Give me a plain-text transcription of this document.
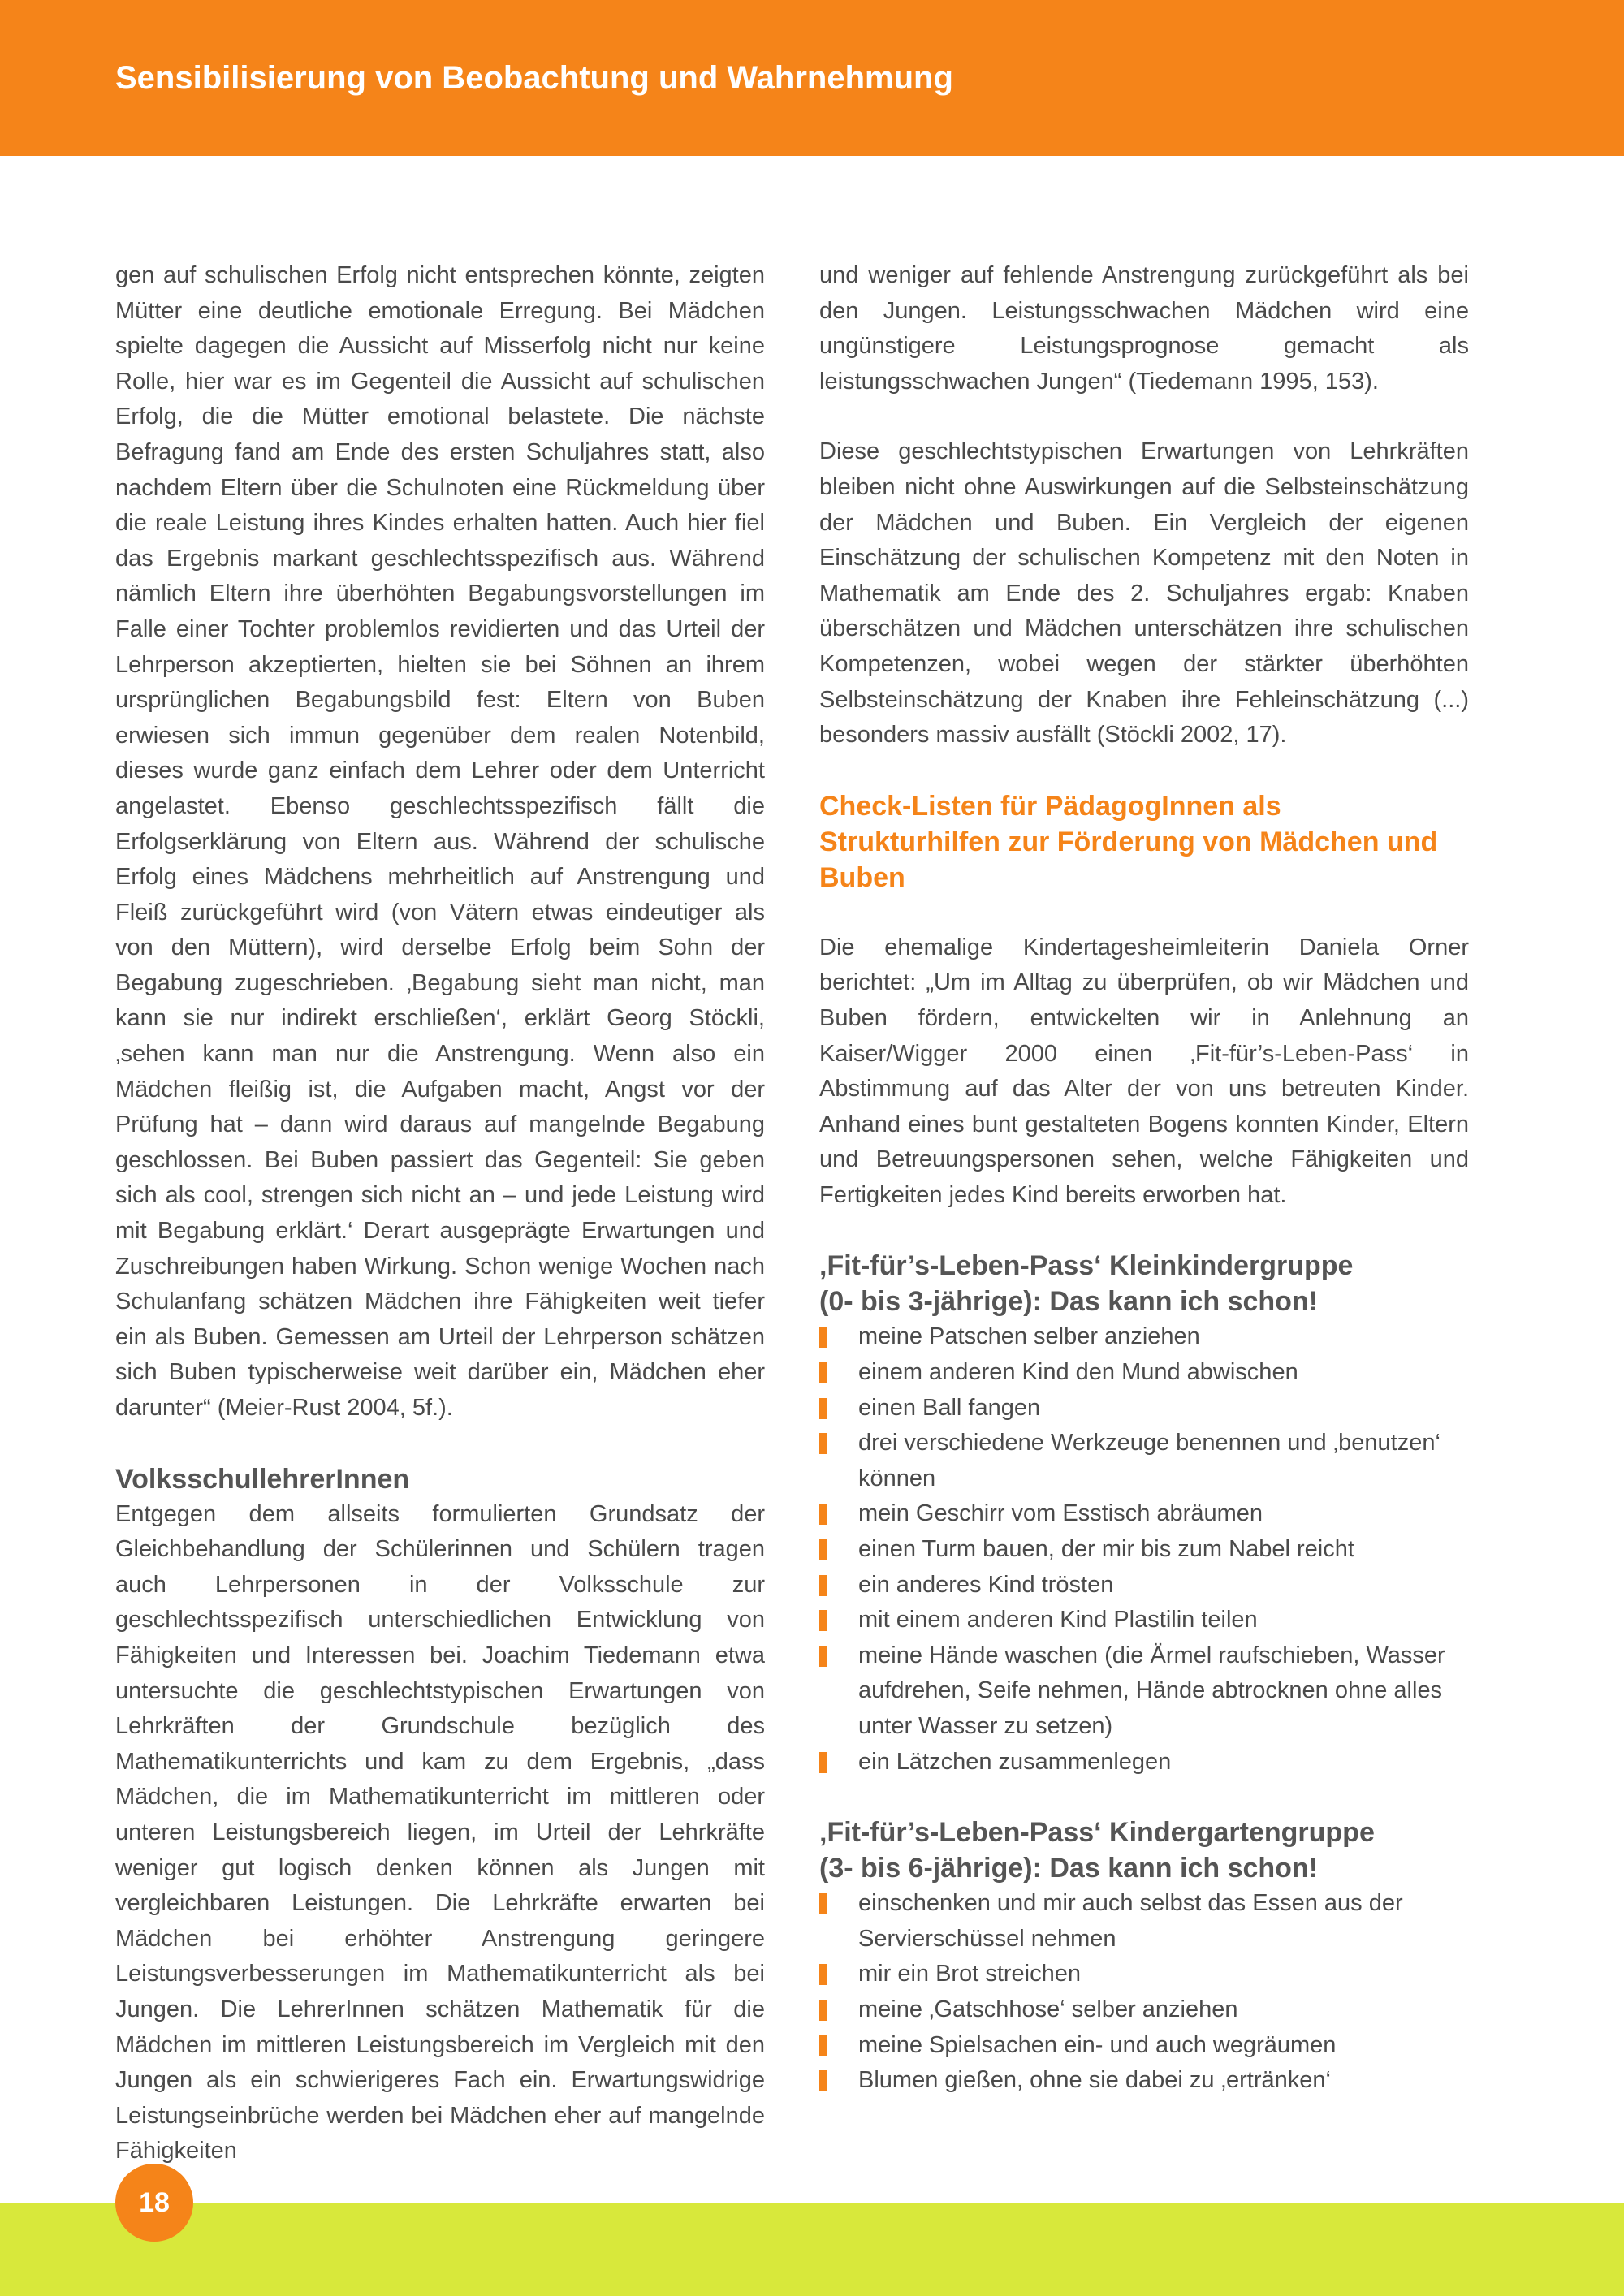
Sensibilisierung von Beobachtung und Wahrnehmung

gen auf schulischen Erfolg nicht entsprechen könnte, zeigten Mütter eine deutliche emotionale Erregung. Bei Mädchen spielte dagegen die Aussicht auf Misserfolg nicht nur keine Rolle, hier war es im Gegenteil die Aussicht auf schulischen Erfolg, die die Mütter emotional belastete. Die nächste Befragung fand am Ende des ersten Schuljahres statt, also nachdem Eltern über die Schulnoten eine Rückmeldung über die reale Leistung ihres Kindes erhalten hatten. Auch hier fiel das Ergebnis markant geschlechtsspezifisch aus. Während nämlich Eltern ihre überhöhten Begabungsvorstellungen im Falle einer Tochter problemlos revidierten und das Urteil der Lehrperson akzeptierten, hielten sie bei Söhnen an ihrem ursprünglichen Begabungsbild fest: Eltern von Buben erwiesen sich immun gegenüber dem realen Notenbild, dieses wurde ganz einfach dem Lehrer oder dem Unterricht angelastet. Ebenso geschlechtsspezifisch fällt die Erfolgserklärung von Eltern aus. Während der schulische Erfolg eines Mädchens mehrheitlich auf Anstrengung und Fleiß zurückgeführt wird (von Vätern etwas eindeutiger als von den Müttern), wird derselbe Erfolg beim Sohn der Begabung zugeschrieben. ‚Begabung sieht man nicht, man kann sie nur indirekt erschließen‘, erklärt Georg Stöckli, ‚sehen kann man nur die Anstrengung. Wenn also ein Mädchen fleißig ist, die Aufgaben macht, Angst vor der Prüfung hat – dann wird daraus auf mangelnde Begabung geschlossen. Bei Buben passiert das Gegenteil: Sie geben sich als cool, strengen sich nicht an – und jede Leistung wird mit Begabung erklärt.‘ Derart ausgeprägte Erwartungen und Zuschreibungen haben Wirkung. Schon wenige Wochen nach Schulanfang schätzen Mädchen ihre Fähigkeiten weit tiefer ein als Buben. Gemessen am Urteil der Lehrperson schätzen sich Buben typischerweise weit darüber ein, Mädchen eher darunter“ (Meier-Rust 2004, 5f.).

VolksschullehrerInnen

Entgegen dem allseits formulierten Grundsatz der Gleichbehandlung der Schülerinnen und Schülern tragen auch Lehrpersonen in der Volksschule zur geschlechtsspezifisch unterschiedlichen Entwicklung von Fähigkeiten und Interessen bei. Joachim Tiedemann etwa untersuchte die geschlechtstypischen Erwartungen von Lehrkräften der Grundschule bezüglich des Mathematikunterrichts und kam zu dem Ergebnis, „dass Mädchen, die im Mathematikunterricht im mittleren oder unteren Leistungsbereich liegen, im Urteil der Lehrkräfte weniger gut logisch denken können als Jungen mit vergleichbaren Leistungen. Die Lehrkräfte erwarten bei Mädchen bei erhöhter Anstrengung geringere Leistungsverbesserungen im Mathematikunterricht als bei Jungen. Die LehrerInnen schätzen Mathematik für die Mädchen im mittleren Leistungsbereich im Vergleich mit den Jungen als ein schwierigeres Fach ein. Erwartungswidrige Leistungseinbrüche werden bei Mädchen eher auf mangelnde Fähigkeiten

und weniger auf fehlende Anstrengung zurückgeführt als bei den Jungen. Leistungsschwachen Mädchen wird eine ungünstigere Leistungsprognose gemacht als leistungsschwachen Jungen“ (Tiedemann 1995, 153).

Diese geschlechtstypischen Erwartungen von Lehrkräften bleiben nicht ohne Auswirkungen auf die Selbsteinschätzung der Mädchen und Buben. Ein Vergleich der eigenen Einschätzung der schulischen Kompetenz mit den Noten in Mathematik am Ende des 2. Schuljahres ergab: Knaben überschätzen und Mädchen unterschätzen ihre schulischen Kompetenzen, wobei wegen der stärkter überhöhten Selbsteinschätzung der Knaben ihre Fehleinschätzung (...) besonders massiv ausfällt (Stöckli 2002, 17).

Check-Listen für PädagogInnen als Strukturhilfen zur Förderung von Mädchen und Buben

Die ehemalige Kindertagesheimleiterin Daniela Orner berichtet: „Um im Alltag zu überprüfen, ob wir Mädchen und Buben fördern, entwickelten wir in Anlehnung an Kaiser/Wigger 2000 einen ‚Fit-für’s-Leben-Pass‘ in Abstimmung auf das Alter der von uns betreuten Kinder. Anhand eines bunt gestalteten Bogens konnten Kinder, Eltern und Betreuungspersonen sehen, welche Fähigkeiten und Fertigkeiten jedes Kind bereits erworben hat.

‚Fit-für’s-Leben-Pass‘ Kleinkindergruppe
(0- bis 3-jährige): Das kann ich schon!
meine Patschen selber anziehen
einem anderen Kind den Mund abwischen
einen Ball fangen
drei verschiedene Werkzeuge benennen und ‚benutzen‘ können
mein Geschirr vom Esstisch abräumen
einen Turm bauen, der mir bis zum Nabel reicht
ein anderes Kind trösten
mit einem anderen Kind Plastilin teilen
meine Hände waschen (die Ärmel raufschieben, Wasser aufdrehen, Seife nehmen, Hände abtrocknen ohne alles unter Wasser zu setzen)
ein Lätzchen zusammenlegen
‚Fit-für’s-Leben-Pass‘ Kindergartengruppe
(3- bis 6-jährige): Das kann ich schon!
einschenken und mir auch selbst das Essen aus der Servierschüssel nehmen
mir ein Brot streichen
meine ‚Gatschhose‘ selber anziehen
meine Spielsachen ein- und auch wegräumen
Blumen gießen, ohne sie dabei zu ‚ertränken‘
18
